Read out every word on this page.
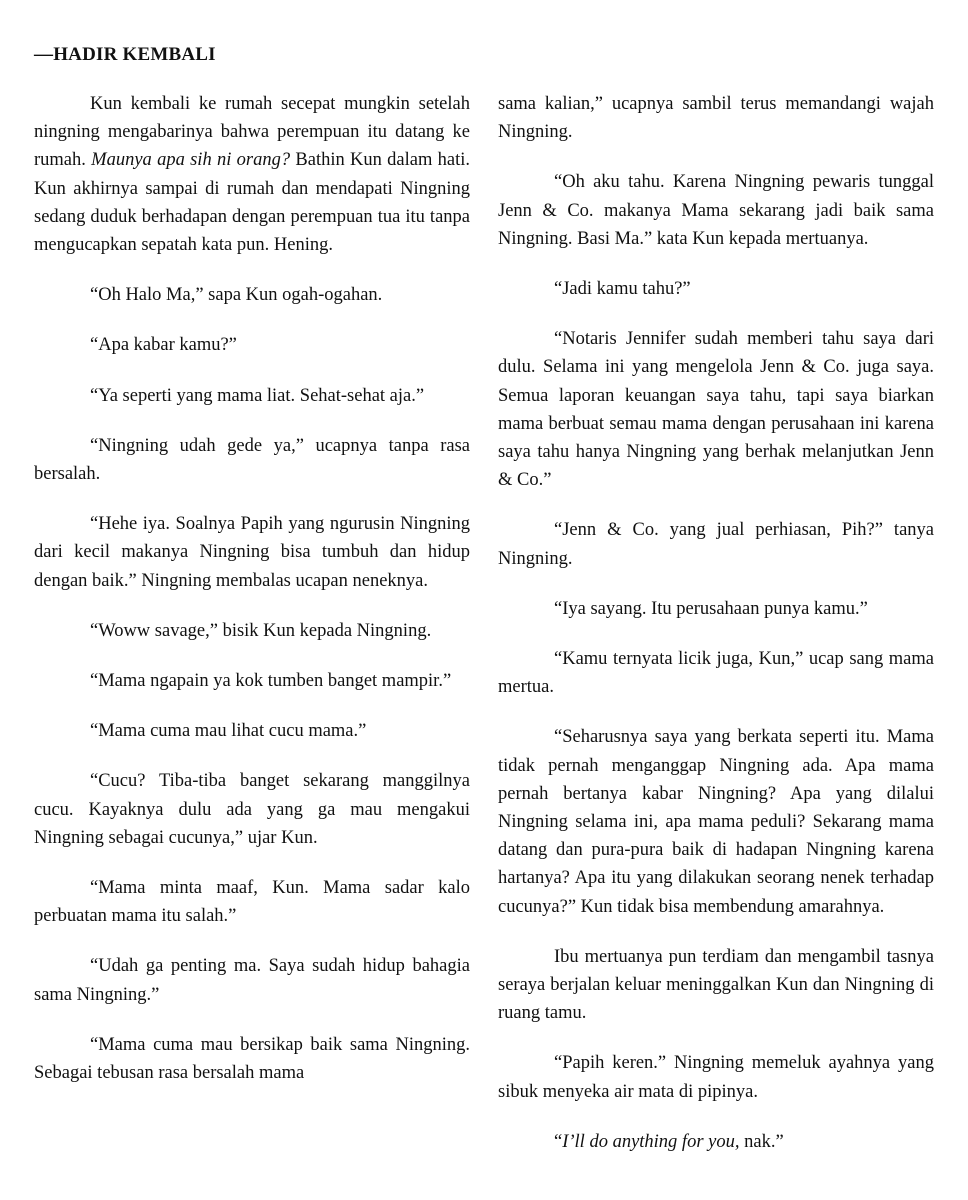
—HADIR KEMBALI

Kun kembali ke rumah secepat mungkin setelah ningning mengabarinya bahwa perempuan itu datang ke rumah. Maunya apa sih ni orang? Bathin Kun dalam hati. Kun akhirnya sampai di rumah dan mendapati Ningning sedang duduk berhadapan dengan perempuan tua itu tanpa mengucapkan sepatah kata pun. Hening.

“Oh Halo Ma,” sapa Kun ogah-ogahan.

“Apa kabar kamu?”

“Ya seperti yang mama liat. Sehat-sehat aja.”

“Ningning udah gede ya,” ucapnya tanpa rasa bersalah.

“Hehe iya. Soalnya Papih yang ngurusin Ningning dari kecil makanya Ningning bisa tumbuh dan hidup dengan baik.” Ningning membalas ucapan neneknya.

“Woww savage,” bisik Kun kepada Ningning.

“Mama ngapain ya kok tumben banget mampir.”

“Mama cuma mau lihat cucu mama.”

“Cucu? Tiba-tiba banget sekarang manggilnya cucu. Kayaknya dulu ada yang ga mau mengakui Ningning sebagai cucunya,” ujar Kun.

“Mama minta maaf, Kun. Mama sadar kalo perbuatan mama itu salah.”

“Udah ga penting ma. Saya sudah hidup bahagia sama Ningning.”

“Mama cuma mau bersikap baik sama Ningning. Sebagai tebusan rasa bersalah mama

sama kalian,” ucapnya sambil terus memandangi wajah Ningning.

“Oh aku tahu. Karena Ningning pewaris tunggal Jenn & Co. makanya Mama sekarang jadi baik sama Ningning. Basi Ma.” kata Kun kepada mertuanya.

“Jadi kamu tahu?”

“Notaris Jennifer sudah memberi tahu saya dari dulu. Selama ini yang mengelola Jenn & Co. juga saya. Semua laporan keuangan saya tahu, tapi saya biarkan mama berbuat semau mama dengan perusahaan ini karena saya tahu hanya Ningning yang berhak melanjutkan Jenn & Co.”

“Jenn & Co. yang jual perhiasan, Pih?” tanya Ningning.

“Iya sayang. Itu perusahaan punya kamu.”

“Kamu ternyata licik juga, Kun,” ucap sang mama mertua.

“Seharusnya saya yang berkata seperti itu. Mama tidak pernah menganggap Ningning ada. Apa mama pernah bertanya kabar Ningning? Apa yang dilalui Ningning selama ini, apa mama peduli? Sekarang mama datang dan pura-pura baik di hadapan Ningning karena hartanya? Apa itu yang dilakukan seorang nenek terhadap cucunya?” Kun tidak bisa membendung amarahnya.

Ibu mertuanya pun terdiam dan mengambil tasnya seraya berjalan keluar meninggalkan Kun dan Ningning di ruang tamu.

“Papih keren.” Ningning memeluk ayahnya yang sibuk menyeka air mata di pipinya.

“I’ll do anything for you, nak.”
